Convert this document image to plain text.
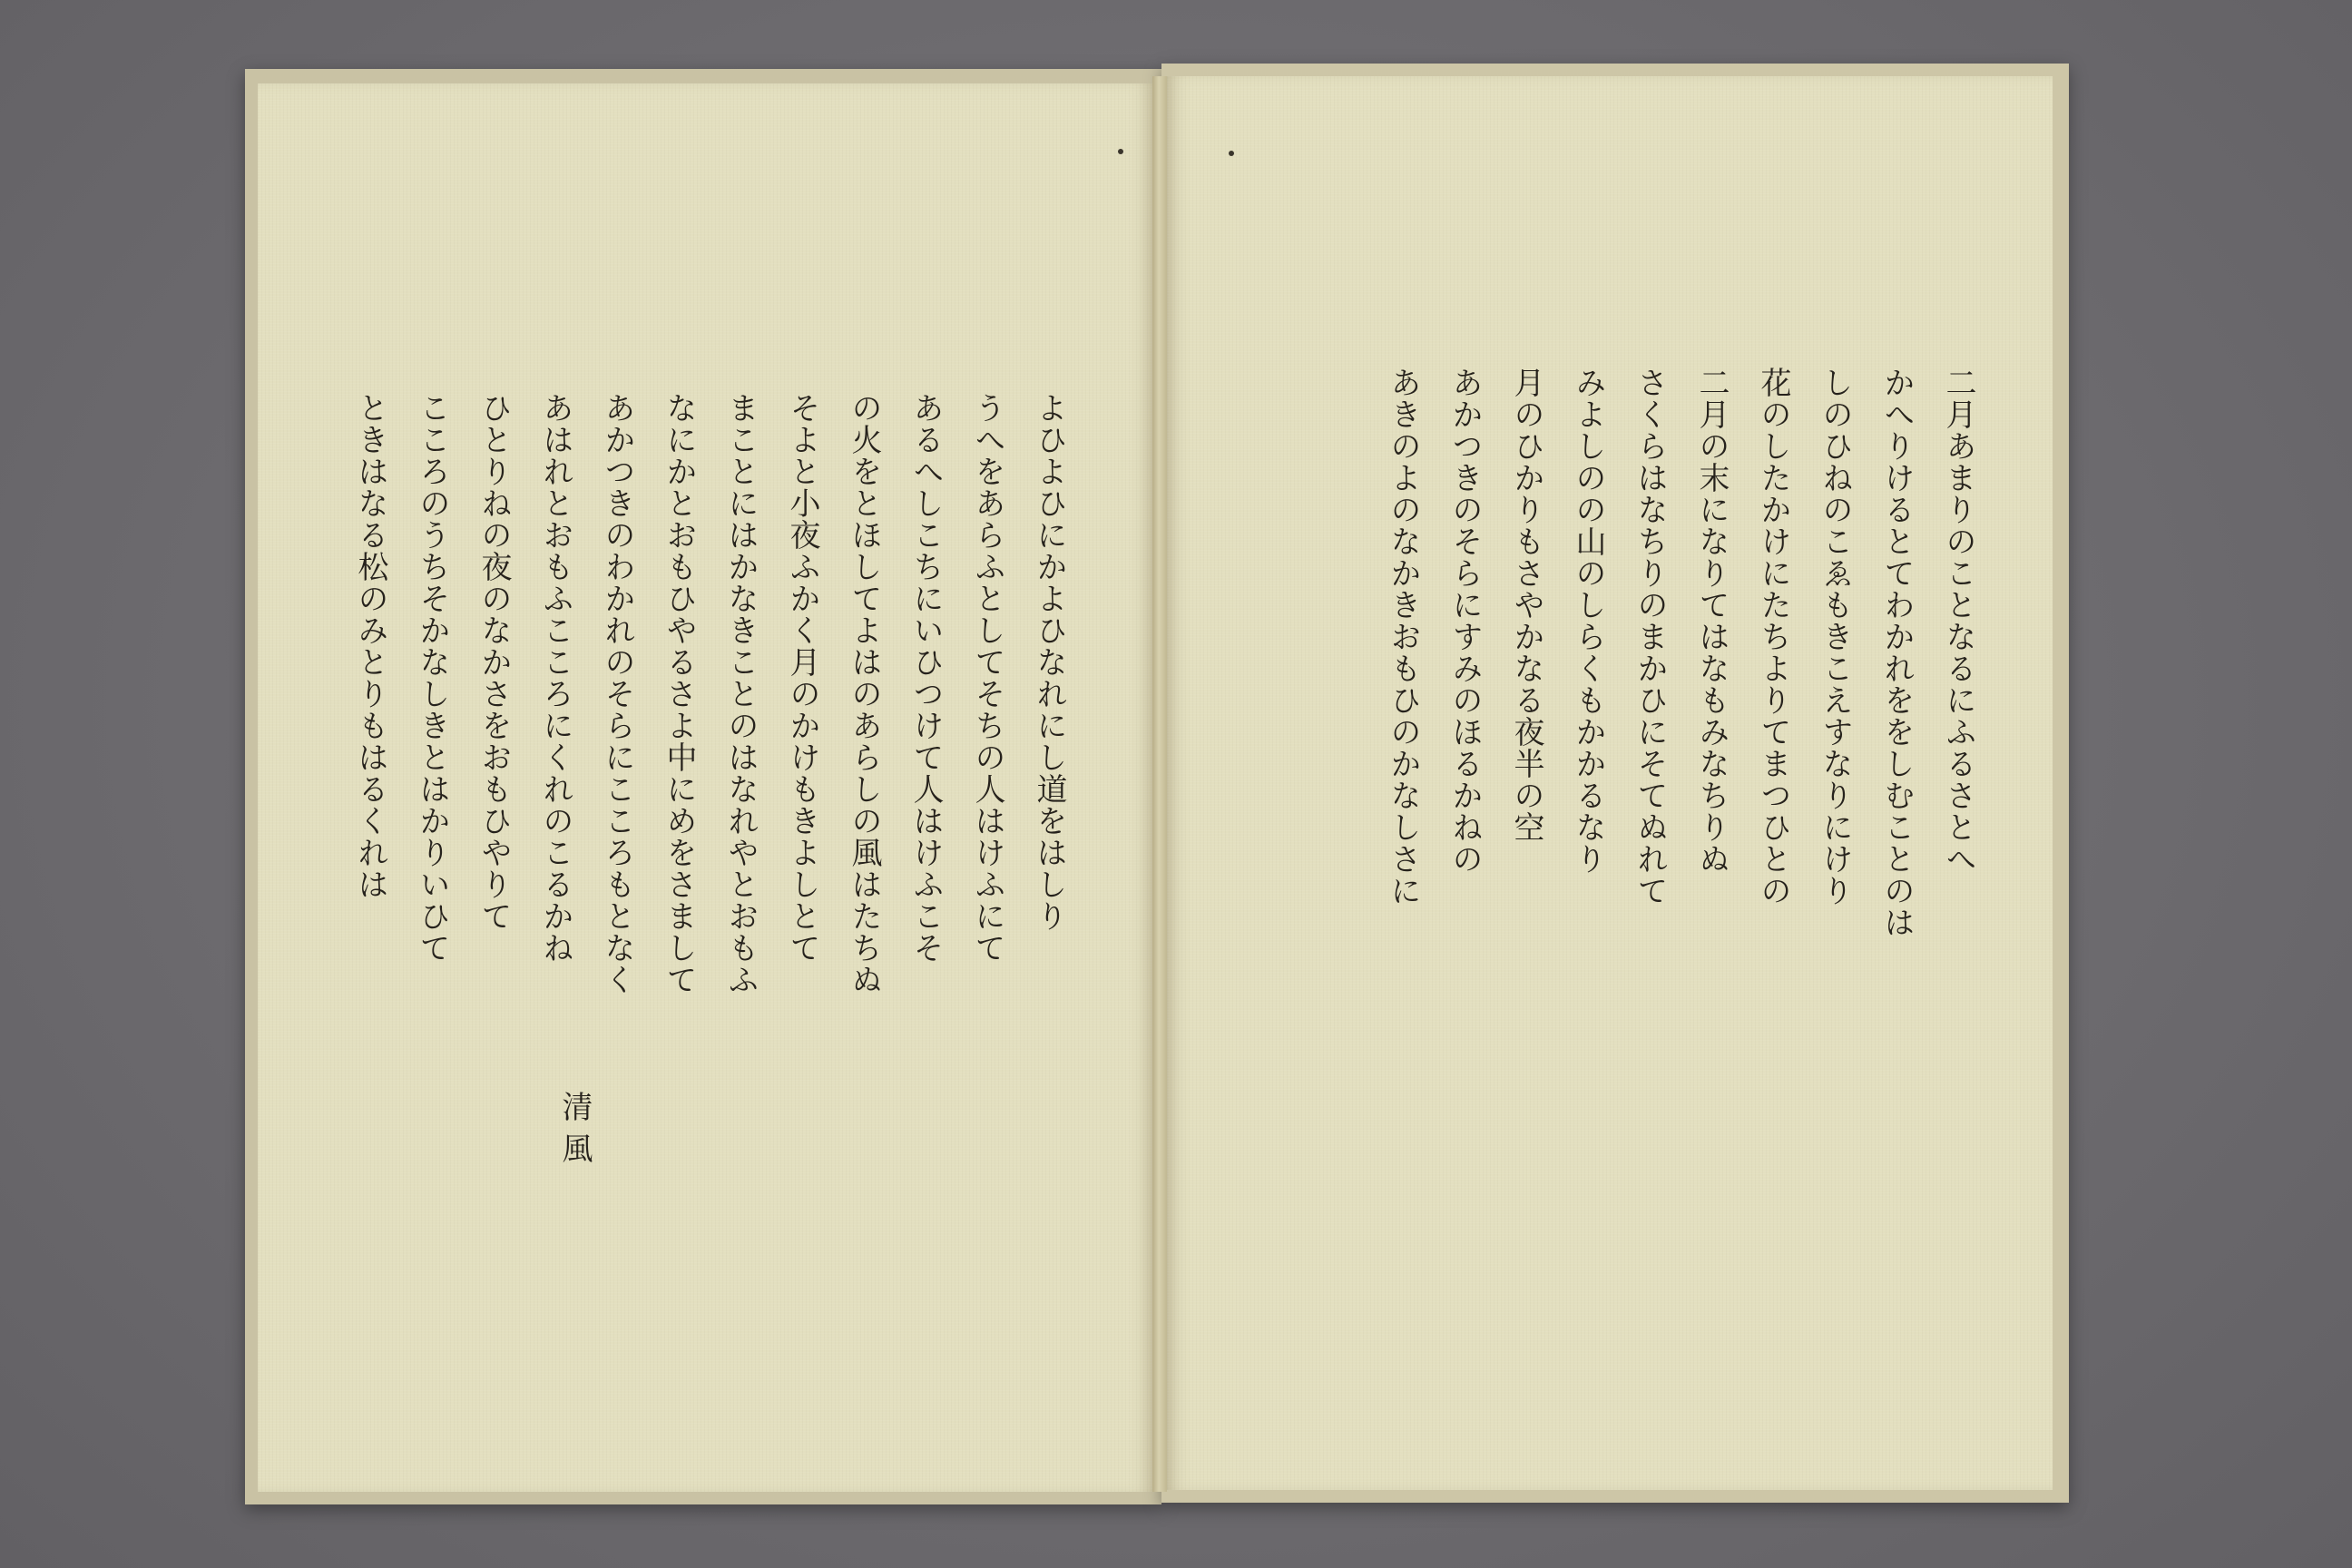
よひよひにかよひなれにし道をはしり
うへをあらふとしてそちの人はけふにて
あるへしこちにいひつけて人はけふこそ
の火をとほしてよはのあらしの風はたちぬ
そよと小夜ふかく月のかけもきよしとて
まことにはかなきことのはなれやとおもふ
なにかとおもひやるさよ中にめをさまして
あかつきのわかれのそらにこころもとなく
あはれとおもふこころにくれのこるかね
ひとりねの夜のなかさをおもひやりて
こころのうちそかなしきとはかりいひて
ときはなる松のみとりもはるくれは
清風
二月あまりのことなるにふるさとへ
かへりけるとてわかれををしむことのは
しのひねのこゑもきこえすなりにけり
花のしたかけにたちよりてまつひとの
二月の末になりてはなもみなちりぬ
さくらはなちりのまかひにそてぬれて
みよしのの山のしらくもかかるなり
月のひかりもさやかなる夜半の空
あかつきのそらにすみのほるかねの
あきのよのなかきおもひのかなしさに
